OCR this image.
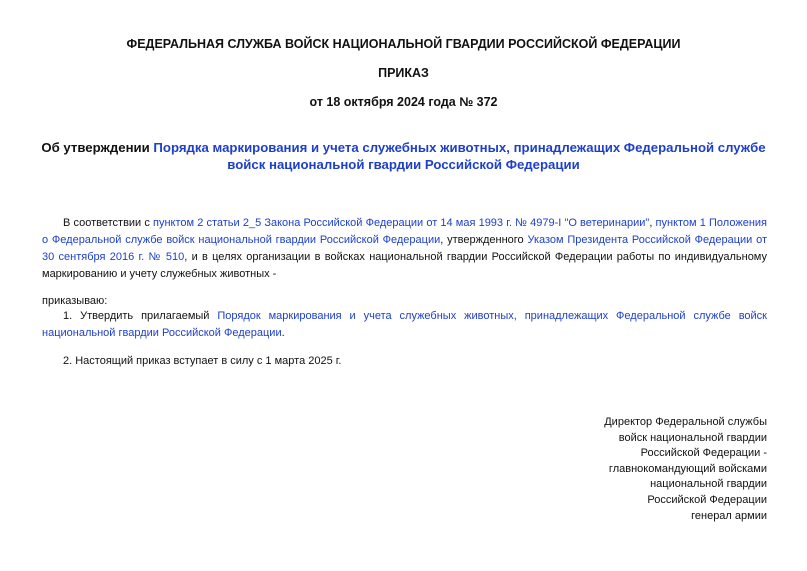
ФЕДЕРАЛЬНАЯ СЛУЖБА ВОЙСК НАЦИОНАЛЬНОЙ ГВАРДИИ РОССИЙСКОЙ ФЕДЕРАЦИИ
ПРИКАЗ
от 18 октября 2024 года № 372
Об утверждении Порядка маркирования и учета служебных животных, принадлежащих Федеральной службе войск национальной гвардии Российской Федерации
В соответствии с пунктом 2 статьи 2_5 Закона Российской Федерации от 14 мая 1993 г. № 4979-I "О ветеринарии", пунктом 1 Положения о Федеральной службе войск национальной гвардии Российской Федерации, утвержденного Указом Президента Российской Федерации от 30 сентября 2016 г. № 510, и в целях организации в войсках национальной гвардии Российской Федерации работы по индивидуальному маркированию и учету служебных животных -
приказываю:
1. Утвердить прилагаемый Порядок маркирования и учета служебных животных, принадлежащих Федеральной службе войск национальной гвардии Российской Федерации.
2. Настоящий приказ вступает в силу с 1 марта 2025 г.
Директор Федеральной службы
войск национальной гвардии
Российской Федерации -
главнокомандующий войсками
национальной гвардии
Российской Федерации
генерал армии
